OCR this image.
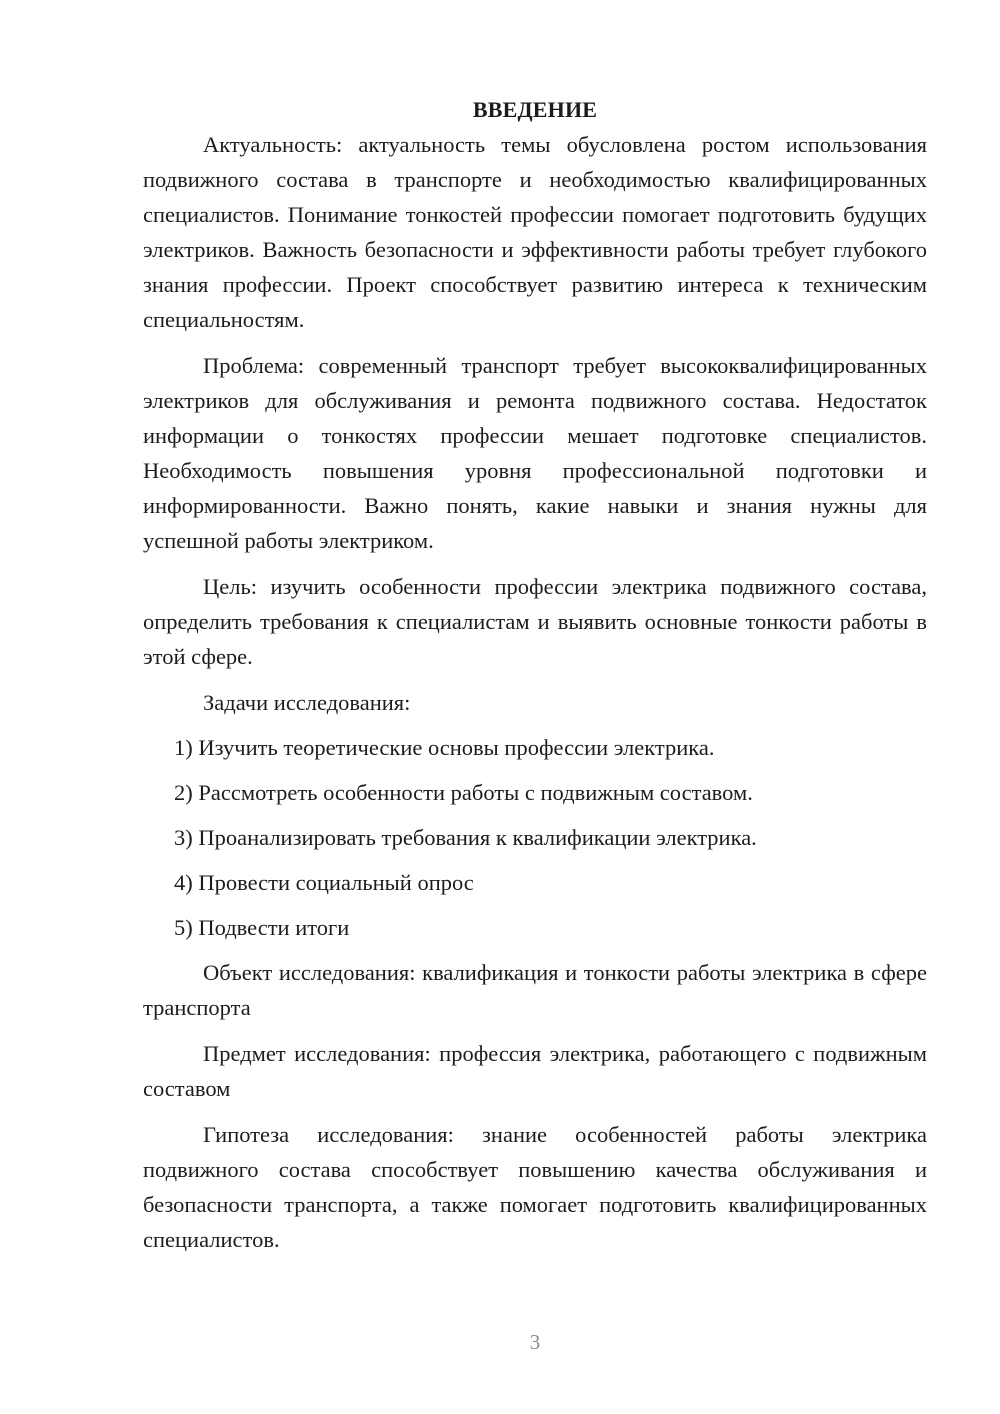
ВВЕДЕНИЕ

Актуальность: актуальность темы обусловлена ростом использования подвижного состава в транспорте и необходимостью квалифицированных специалистов. Понимание тонкостей профессии помогает подготовить будущих электриков. Важность безопасности и эффективности работы требует глубокого знания профессии. Проект способствует развитию интереса к техническим специальностям.

Проблема: современный транспорт требует высококвалифицированных электриков для обслуживания и ремонта подвижного состава. Недостаток информации о тонкостях профессии мешает подготовке специалистов. Необходимость повышения уровня профессиональной подготовки и информированности. Важно понять, какие навыки и знания нужны для успешной работы электриком.

Цель: изучить особенности профессии электрика подвижного состава, определить требования к специалистам и выявить основные тонкости работы в этой сфере.

Задачи исследования:

1) Изучить теоретические основы профессии электрика.
2) Рассмотреть особенности работы с подвижным составом.
3) Проанализировать требования к квалификации электрика.
4) Провести социальный опрос
5) Подвести итоги

Объект исследования: квалификация и тонкости работы электрика в сфере транспорта

Предмет исследования: профессия электрика, работающего с подвижным составом

Гипотеза исследования: знание особенностей работы электрика подвижного состава способствует повышению качества обслуживания и безопасности транспорта, а также помогает подготовить квалифицированных специалистов.

3
